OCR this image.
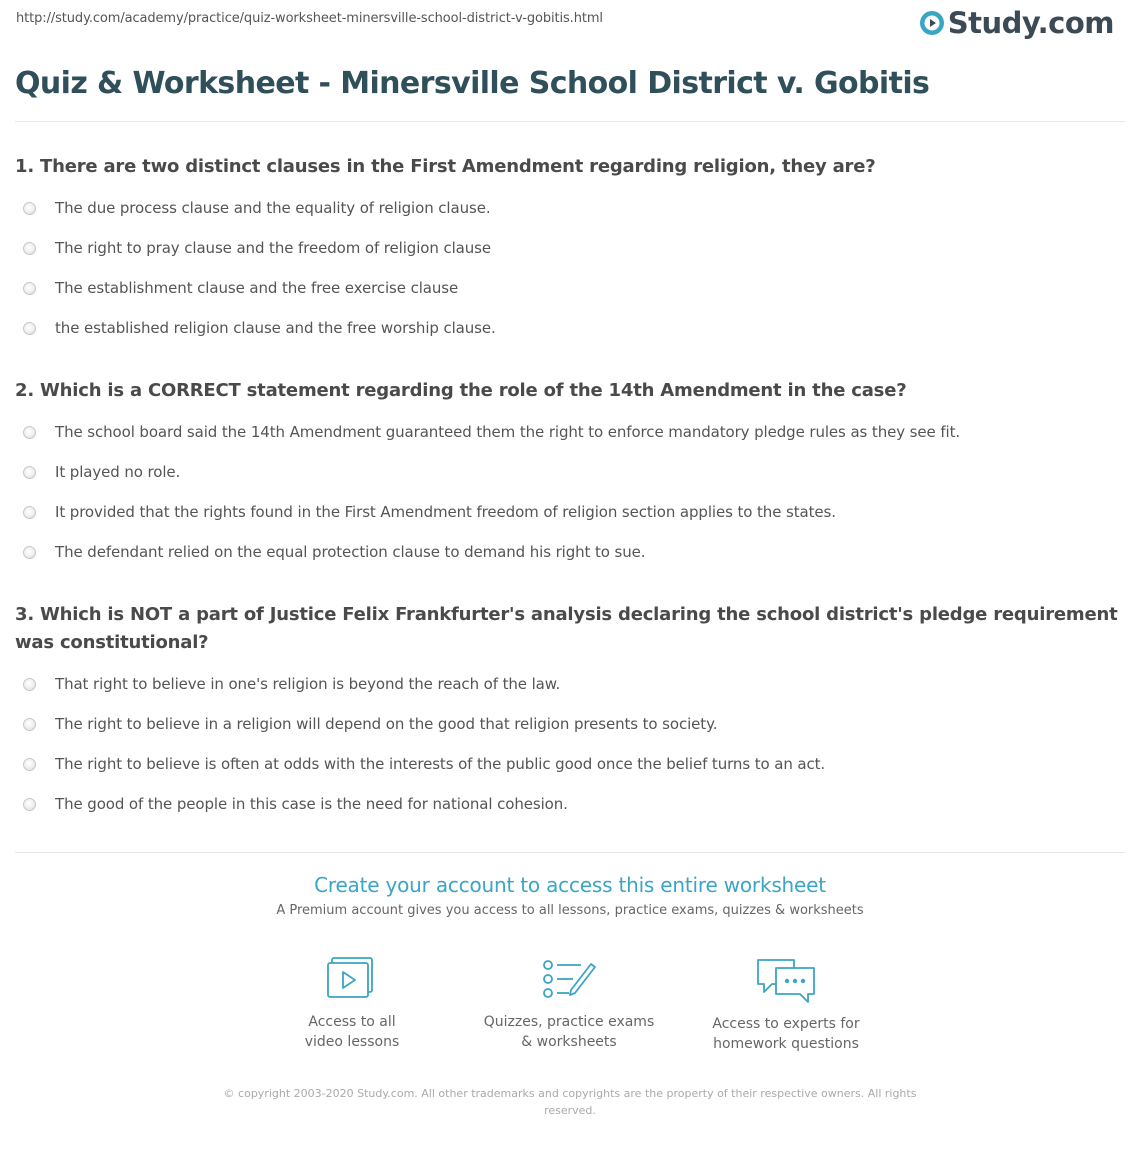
http://study.com/academy/practice/quiz-worksheet-minersville-school-district-v-gobitis.html	Study.com
Quiz & Worksheet - Minersville School District v. Gobitis

1. There are two distinct clauses in the First Amendment regarding religion, they are?

The due process clause and the equality of religion clause.
The right to pray clause and the freedom of religion clause
The establishment clause and the free exercise clause
the established religion clause and the free worship clause.

2. Which is a CORRECT statement regarding the role of the 14th Amendment in the case?

The school board said the 14th Amendment guaranteed them the right to enforce mandatory pledge rules as they see fit.
It played no role.
It provided that the rights found in the First Amendment freedom of religion section applies to the states.
The defendant relied on the equal protection clause to demand his right to sue.

3. Which is NOT a part of Justice Felix Frankfurter's analysis declaring the school district's pledge requirement was constitutional?

That right to believe in one's religion is beyond the reach of the law.
The right to believe in a religion will depend on the good that religion presents to society.
The right to believe is often at odds with the interests of the public good once the belief turns to an act.
The good of the people in this case is the need for national cohesion.

Create your account to access this entire worksheet

A Premium account gives you access to all lessons, practice exams, quizzes & worksheets
Access to all
video lessons
Quizzes, practice exams
& worksheets
Access to experts for
homework questions
© copyright 2003-2020 Study.com. All other trademarks and copyrights are the property of their respective owners. All rights reserved.
